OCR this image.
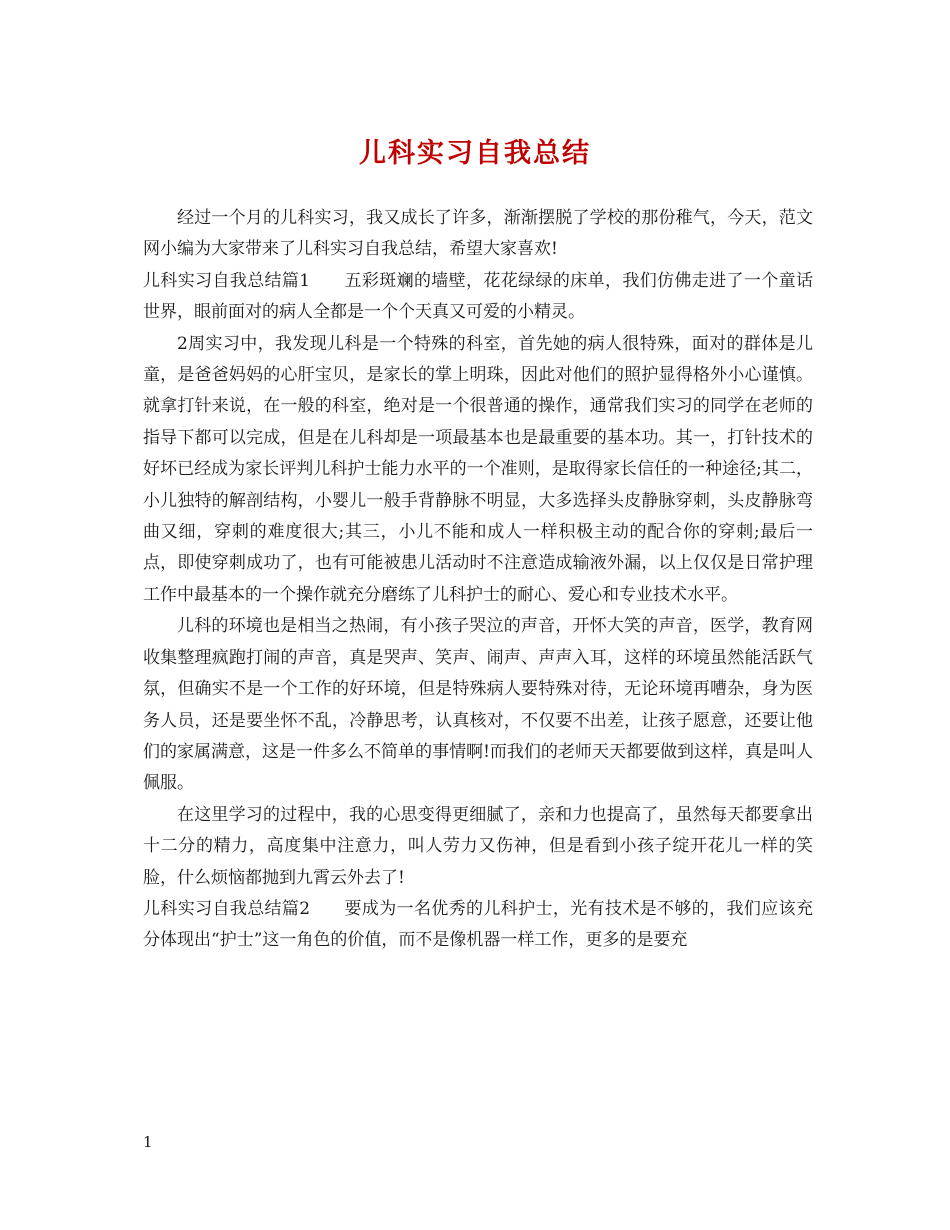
儿科实习自我总结

经过一个月的儿科实习，我又成长了许多，渐渐摆脱了学校的那份稚气，今天，范文网小编为大家带来了儿科实习自我总结，希望大家喜欢!

儿科实习自我总结篇1 五彩斑斓的墙壁，花花绿绿的床单，我们仿佛走进了一个童话世界，眼前面对的病人全都是一个个天真又可爱的小精灵。

2周实习中，我发现儿科是一个特殊的科室，首先她的病人很特殊，面对的群体是儿童，是爸爸妈妈的心肝宝贝，是家长的掌上明珠，因此对他们的照护显得格外小心谨慎。就拿打针来说，在一般的科室，绝对是一个很普通的操作，通常我们实习的同学在老师的指导下都可以完成，但是在儿科却是一项最基本也是最重要的基本功。其一，打针技术的好坏已经成为家长评判儿科护士能力水平的一个准则，是取得家长信任的一种途径;其二，小儿独特的解剖结构，小婴儿一般手背静脉不明显，大多选择头皮静脉穿刺，头皮静脉弯曲又细，穿刺的难度很大;其三，小儿不能和成人一样积极主动的配合你的穿刺;最后一点，即使穿刺成功了，也有可能被患儿活动时不注意造成输液外漏，以上仅仅是日常护理工作中最基本的一个操作就充分磨练了儿科护士的耐心、爱心和专业技术水平。

儿科的环境也是相当之热闹，有小孩子哭泣的声音，开怀大笑的声音，医学，教育网收集整理疯跑打闹的声音，真是哭声、笑声、闹声、声声入耳，这样的环境虽然能活跃气氛，但确实不是一个工作的好环境，但是特殊病人要特殊对待，无论环境再嘈杂，身为医务人员，还是要坐怀不乱，冷静思考，认真核对，不仅要不出差，让孩子愿意，还要让他们的家属满意，这是一件多么不简单的事情啊!而我们的老师天天都要做到这样，真是叫人佩服。

在这里学习的过程中，我的心思变得更细腻了，亲和力也提高了，虽然每天都要拿出十二分的精力，高度集中注意力，叫人劳力又伤神，但是看到小孩子绽开花儿一样的笑脸，什么烦恼都抛到九霄云外去了!

儿科实习自我总结篇2 要成为一名优秀的儿科护士，光有技术是不够的，我们应该充分体现出“护士”这一角色的价值，而不是像机器一样工作，更多的是要充

1
